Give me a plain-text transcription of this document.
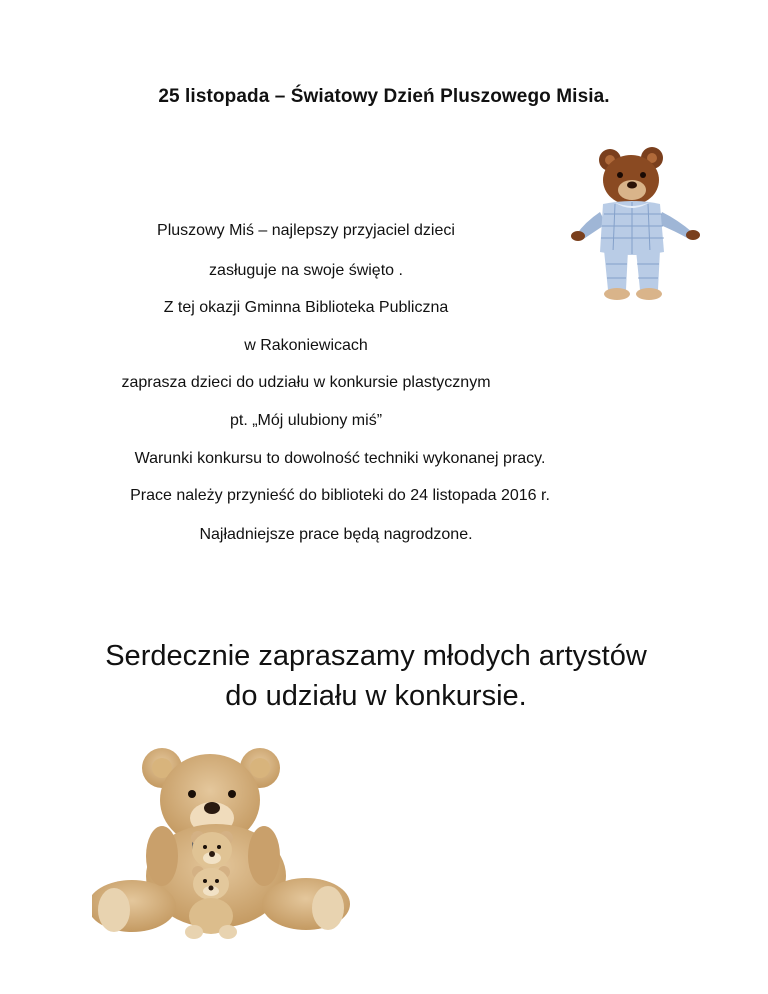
25 listopada – Światowy Dzień Pluszowego Misia.
Pluszowy Miś – najlepszy przyjaciel dzieci
zasługuje na swoje święto .
Z tej okazji Gminna Biblioteka Publiczna
w Rakoniewicach
zaprasza dzieci do udziału w konkursie plastycznym
pt. „Mój ulubiony miś”
Warunki konkursu to dowolność techniki wykonanej pracy.
Prace należy przynieść do biblioteki do 24 listopada 2016 r.
Najładniejsze prace będą nagrodzone.
Serdecznie zapraszamy młodych artystów
do udziału w konkursie.
